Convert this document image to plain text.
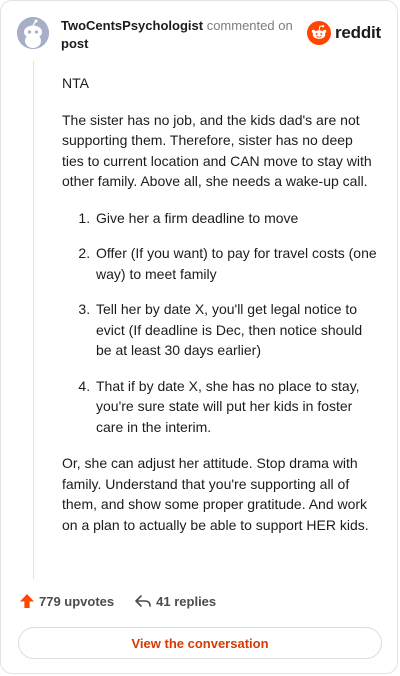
TwoCentsPsychologist commented on
post
reddit

NTA

The sister has no job, and the kids dad's are not supporting them. Therefore, sister has no deep ties to current location and CAN move to stay with other family. Above all, she needs a wake-up call.

1. Give her a firm deadline to move
2. Offer (If you want) to pay for travel costs (one way) to meet family
3. Tell her by date X, you'll get legal notice to evict (If deadline is Dec, then notice should be at least 30 days earlier)
4. That if by date X, she has no place to stay, you're sure state will put her kids in foster care in the interim.

Or, she can adjust her attitude. Stop drama with family. Understand that you're supporting all of them, and show some proper gratitude. And work on a plan to actually be able to support HER kids.

779 upvotes	41 replies
View the conversation
